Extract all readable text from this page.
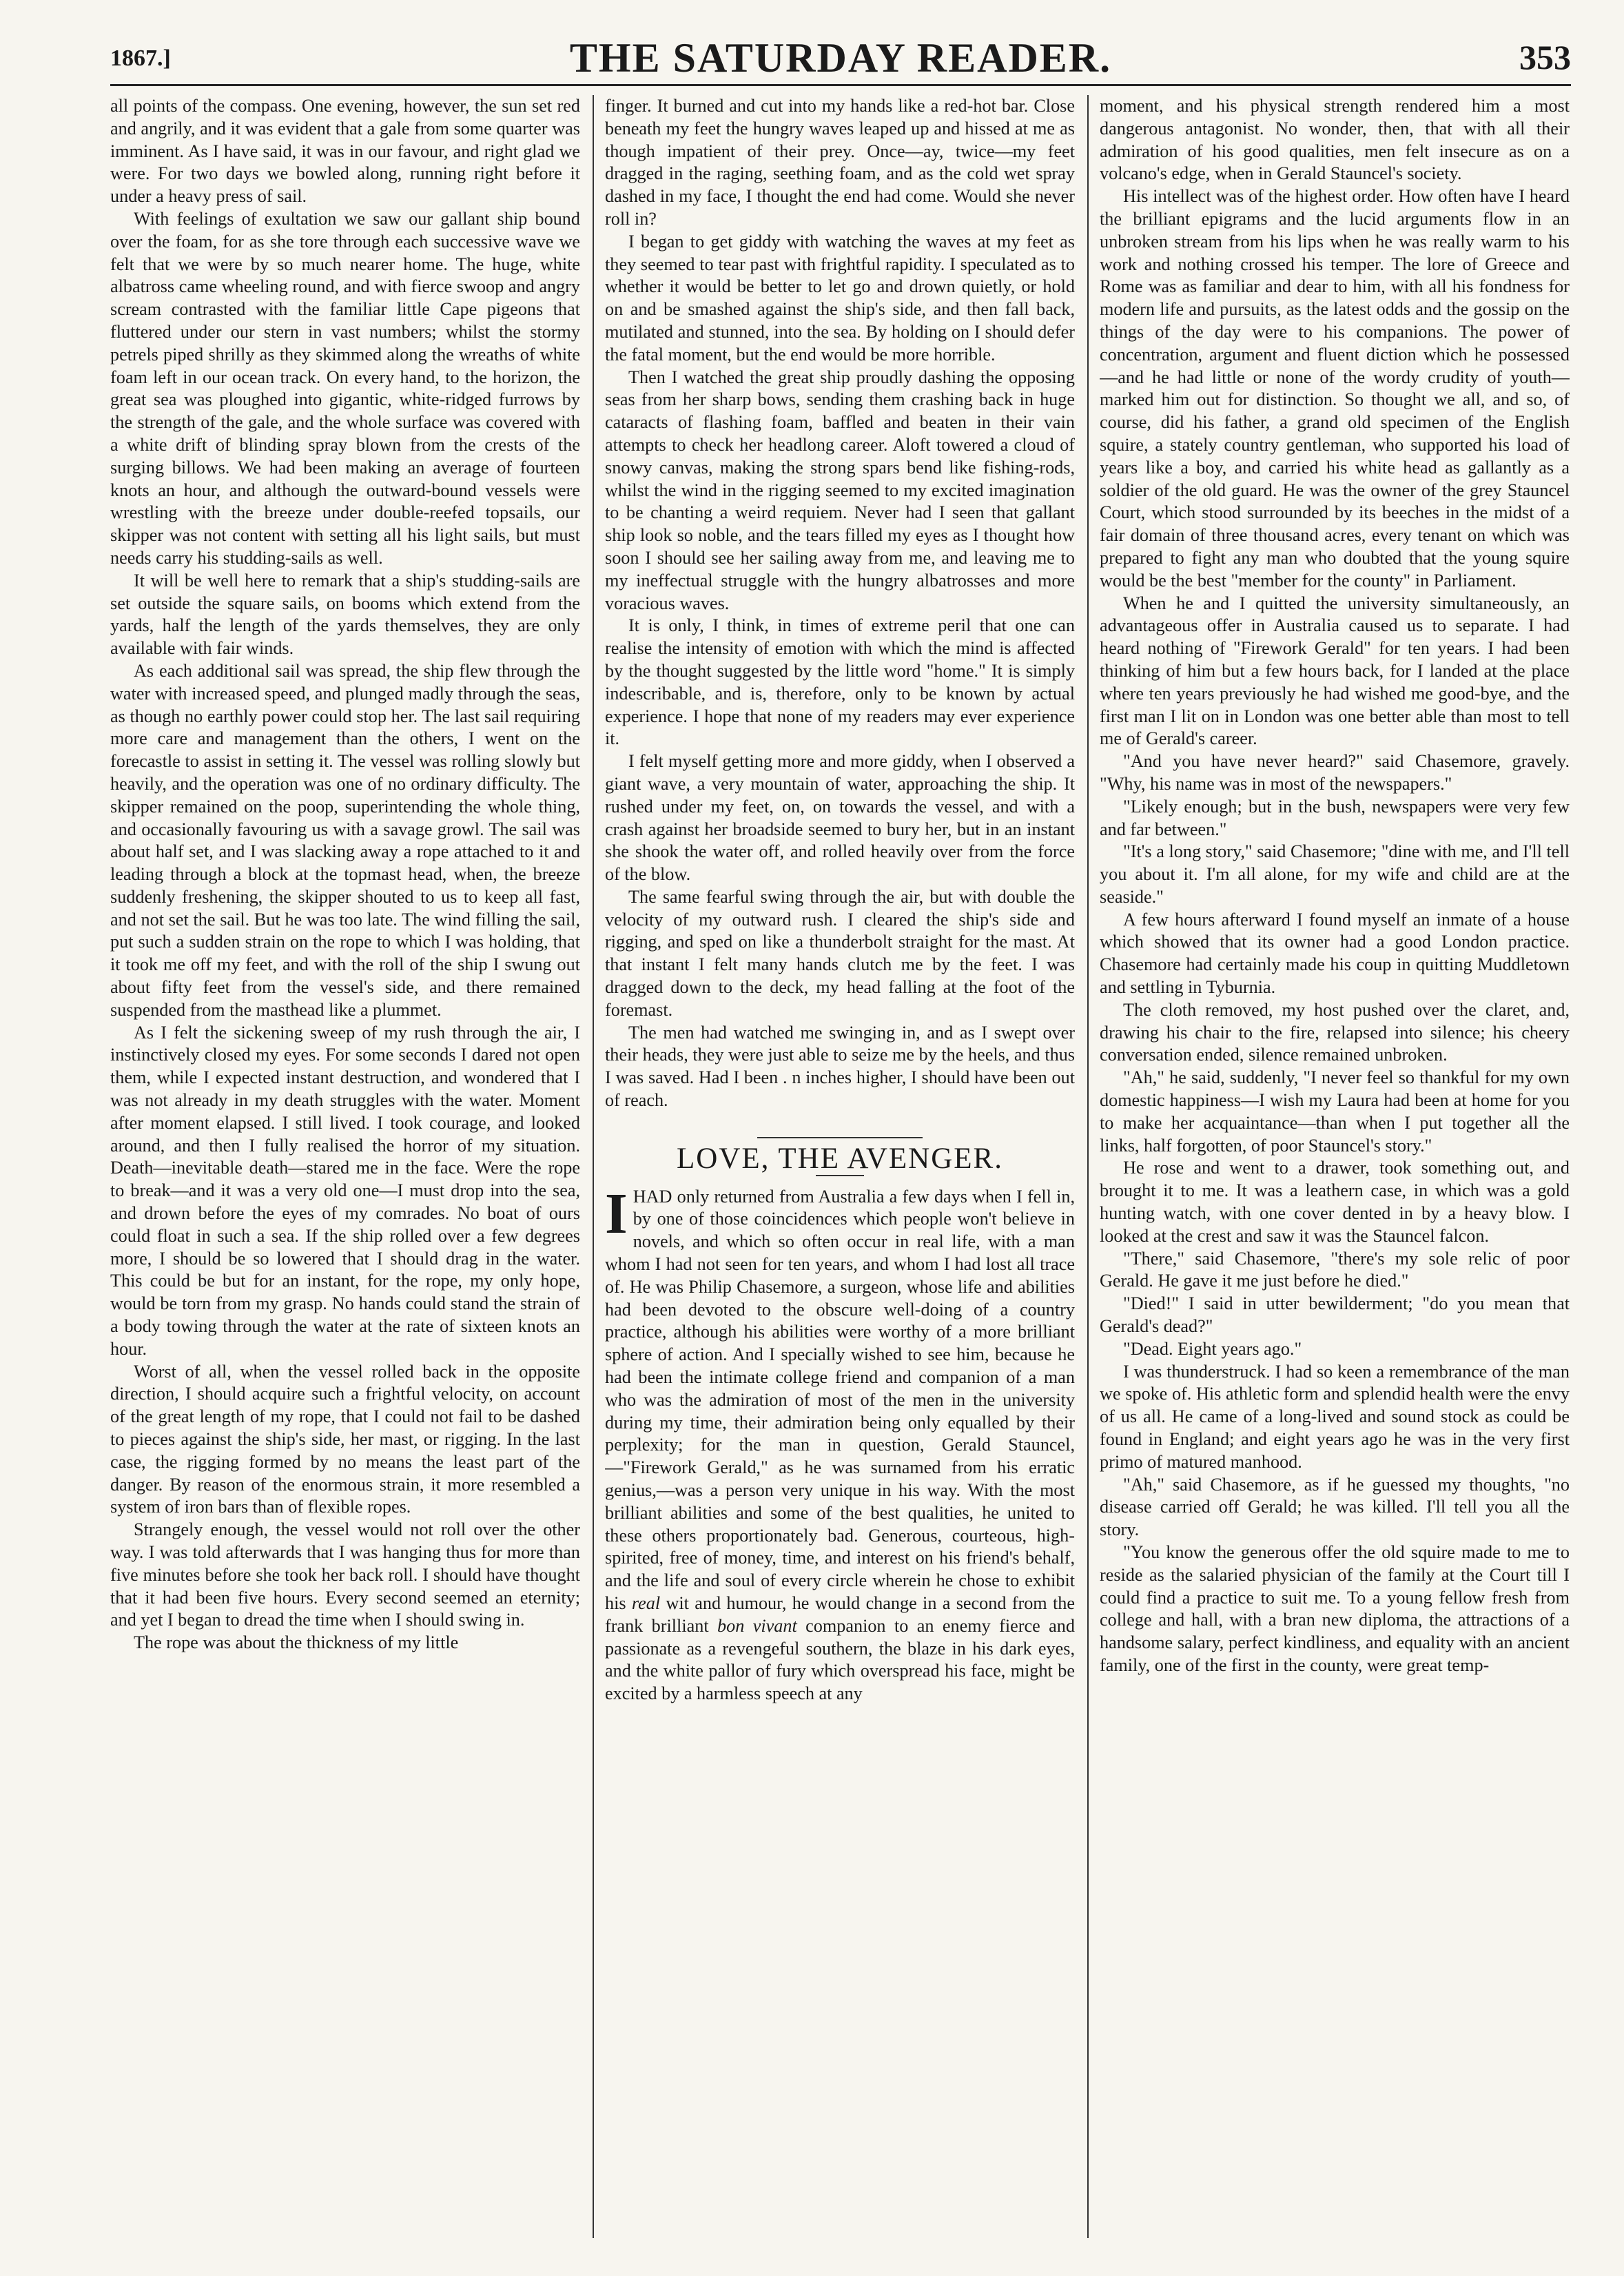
1867.]	THE SATURDAY READER.	353

all points of the compass. One evening, however, the sun set red and angrily, and it was evident that a gale from some quarter was imminent. As I have said, it was in our favour, and right glad we were. For two days we bowled along, running right before it under a heavy press of sail.

With feelings of exultation we saw our gallant ship bound over the foam, for as she tore through each successive wave we felt that we were by so much nearer home. The huge, white albatross came wheeling round, and with fierce swoop and angry scream contrasted with the familiar little Cape pigeons that fluttered under our stern in vast numbers; whilst the stormy petrels piped shrilly as they skimmed along the wreaths of white foam left in our ocean track. On every hand, to the horizon, the great sea was ploughed into gigantic, white-ridged furrows by the strength of the gale, and the whole surface was covered with a white drift of blinding spray blown from the crests of the surging billows. We had been making an average of fourteen knots an hour, and although the outward-bound vessels were wrestling with the breeze under double-reefed topsails, our skipper was not content with setting all his light sails, but must needs carry his studding-sails as well.

It will be well here to remark that a ship's studding-sails are set outside the square sails, on booms which extend from the yards, half the length of the yards themselves, they are only available with fair winds.

As each additional sail was spread, the ship flew through the water with increased speed, and plunged madly through the seas, as though no earthly power could stop her. The last sail requiring more care and management than the others, I went on the forecastle to assist in setting it. The vessel was rolling slowly but heavily, and the operation was one of no ordinary difficulty. The skipper remained on the poop, superintending the whole thing, and occasionally favouring us with a savage growl. The sail was about half set, and I was slacking away a rope attached to it and leading through a block at the topmast head, when, the breeze suddenly freshening, the skipper shouted to us to keep all fast, and not set the sail. But he was too late. The wind filling the sail, put such a sudden strain on the rope to which I was holding, that it took me off my feet, and with the roll of the ship I swung out about fifty feet from the vessel's side, and there remained suspended from the masthead like a plummet.

As I felt the sickening sweep of my rush through the air, I instinctively closed my eyes. For some seconds I dared not open them, while I expected instant destruction, and wondered that I was not already in my death struggles with the water. Moment after moment elapsed. I still lived. I took courage, and looked around, and then I fully realised the horror of my situation. Death—inevitable death—stared me in the face. Were the rope to break—and it was a very old one—I must drop into the sea, and drown before the eyes of my comrades. No boat of ours could float in such a sea. If the ship rolled over a few degrees more, I should be so lowered that I should drag in the water. This could be but for an instant, for the rope, my only hope, would be torn from my grasp. No hands could stand the strain of a body towing through the water at the rate of sixteen knots an hour.

Worst of all, when the vessel rolled back in the opposite direction, I should acquire such a frightful velocity, on account of the great length of my rope, that I could not fail to be dashed to pieces against the ship's side, her mast, or rigging. In the last case, the rigging formed by no means the least part of the danger. By reason of the enormous strain, it more resembled a system of iron bars than of flexible ropes.

Strangely enough, the vessel would not roll over the other way. I was told afterwards that I was hanging thus for more than five minutes before she took her back roll. I should have thought that it had been five hours. Every second seemed an eternity; and yet I began to dread the time when I should swing in.

The rope was about the thickness of my little

finger. It burned and cut into my hands like a red-hot bar. Close beneath my feet the hungry waves leaped up and hissed at me as though impatient of their prey. Once—ay, twice—my feet dragged in the raging, seething foam, and as the cold wet spray dashed in my face, I thought the end had come. Would she never roll in?

I began to get giddy with watching the waves at my feet as they seemed to tear past with frightful rapidity. I speculated as to whether it would be better to let go and drown quietly, or hold on and be smashed against the ship's side, and then fall back, mutilated and stunned, into the sea. By holding on I should defer the fatal moment, but the end would be more horrible.

Then I watched the great ship proudly dashing the opposing seas from her sharp bows, sending them crashing back in huge cataracts of flashing foam, baffled and beaten in their vain attempts to check her headlong career. Aloft towered a cloud of snowy canvas, making the strong spars bend like fishing-rods, whilst the wind in the rigging seemed to my excited imagination to be chanting a weird requiem. Never had I seen that gallant ship look so noble, and the tears filled my eyes as I thought how soon I should see her sailing away from me, and leaving me to my ineffectual struggle with the hungry albatrosses and more voracious waves.

It is only, I think, in times of extreme peril that one can realise the intensity of emotion with which the mind is affected by the thought suggested by the little word "home." It is simply indescribable, and is, therefore, only to be known by actual experience. I hope that none of my readers may ever experience it.

I felt myself getting more and more giddy, when I observed a giant wave, a very mountain of water, approaching the ship. It rushed under my feet, on, on towards the vessel, and with a crash against her broadside seemed to bury her, but in an instant she shook the water off, and rolled heavily over from the force of the blow.

The same fearful swing through the air, but with double the velocity of my outward rush. I cleared the ship's side and rigging, and sped on like a thunderbolt straight for the mast. At that instant I felt many hands clutch me by the feet. I was dragged down to the deck, my head falling at the foot of the foremast.

The men had watched me swinging in, and as I swept over their heads, they were just able to seize me by the heels, and thus I was saved. Had I been . n inches higher, I should have been out of reach.

LOVE, THE AVENGER.

I HAD only returned from Australia a few days when I fell in, by one of those coincidences which people won't believe in novels, and which so often occur in real life, with a man whom I had not seen for ten years, and whom I had lost all trace of. He was Philip Chasemore, a surgeon, whose life and abilities had been devoted to the obscure well-doing of a country practice, although his abilities were worthy of a more brilliant sphere of action. And I specially wished to see him, because he had been the intimate college friend and companion of a man who was the admiration of most of the men in the university during my time, their admiration being only equalled by their perplexity; for the man in question, Gerald Stauncel,—"Firework Gerald," as he was surnamed from his erratic genius,—was a person very unique in his way. With the most brilliant abilities and some of the best qualities, he united to these others proportionately bad. Generous, courteous, high-spirited, free of money, time, and interest on his friend's behalf, and the life and soul of every circle wherein he chose to exhibit his real wit and humour, he would change in a second from the frank brilliant bon vivant companion to an enemy fierce and passionate as a revengeful southern, the blaze in his dark eyes, and the white pallor of fury which overspread his face, might be excited by a harmless speech at any

moment, and his physical strength rendered him a most dangerous antagonist. No wonder, then, that with all their admiration of his good qualities, men felt insecure as on a volcano's edge, when in Gerald Stauncel's society.

His intellect was of the highest order. How often have I heard the brilliant epigrams and the lucid arguments flow in an unbroken stream from his lips when he was really warm to his work and nothing crossed his temper. The lore of Greece and Rome was as familiar and dear to him, with all his fondness for modern life and pursuits, as the latest odds and the gossip on the things of the day were to his companions. The power of concentration, argument and fluent diction which he possessed—and he had little or none of the wordy crudity of youth—marked him out for distinction. So thought we all, and so, of course, did his father, a grand old specimen of the English squire, a stately country gentleman, who supported his load of years like a boy, and carried his white head as gallantly as a soldier of the old guard. He was the owner of the grey Stauncel Court, which stood surrounded by its beeches in the midst of a fair domain of three thousand acres, every tenant on which was prepared to fight any man who doubted that the young squire would be the best "member for the county" in Parliament.

When he and I quitted the university simultaneously, an advantageous offer in Australia caused us to separate. I had heard nothing of "Firework Gerald" for ten years. I had been thinking of him but a few hours back, for I landed at the place where ten years previously he had wished me good-bye, and the first man I lit on in London was one better able than most to tell me of Gerald's career.

"And you have never heard?" said Chasemore, gravely. "Why, his name was in most of the newspapers."

"Likely enough; but in the bush, newspapers were very few and far between."

"It's a long story," said Chasemore; "dine with me, and I'll tell you about it. I'm all alone, for my wife and child are at the seaside."

A few hours afterward I found myself an inmate of a house which showed that its owner had a good London practice. Chasemore had certainly made his coup in quitting Muddletown and settling in Tyburnia.

The cloth removed, my host pushed over the claret, and, drawing his chair to the fire, relapsed into silence; his cheery conversation ended, silence remained unbroken.

"Ah," he said, suddenly, "I never feel so thankful for my own domestic happiness—I wish my Laura had been at home for you to make her acquaintance—than when I put together all the links, half forgotten, of poor Stauncel's story."

He rose and went to a drawer, took something out, and brought it to me. It was a leathern case, in which was a gold hunting watch, with one cover dented in by a heavy blow. I looked at the crest and saw it was the Stauncel falcon.

"There," said Chasemore, "there's my sole relic of poor Gerald. He gave it me just before he died."

"Died!" I said in utter bewilderment; "do you mean that Gerald's dead?"

"Dead. Eight years ago."

I was thunderstruck. I had so keen a remembrance of the man we spoke of. His athletic form and splendid health were the envy of us all. He came of a long-lived and sound stock as could be found in England; and eight years ago he was in the very first primo of matured manhood.

"Ah," said Chasemore, as if he guessed my thoughts, "no disease carried off Gerald; he was killed. I'll tell you all the story.

"You know the generous offer the old squire made to me to reside as the salaried physician of the family at the Court till I could find a practice to suit me. To a young fellow fresh from college and hall, with a bran new diploma, the attractions of a handsome salary, perfect kindliness, and equality with an ancient family, one of the first in the county, were great temp-
